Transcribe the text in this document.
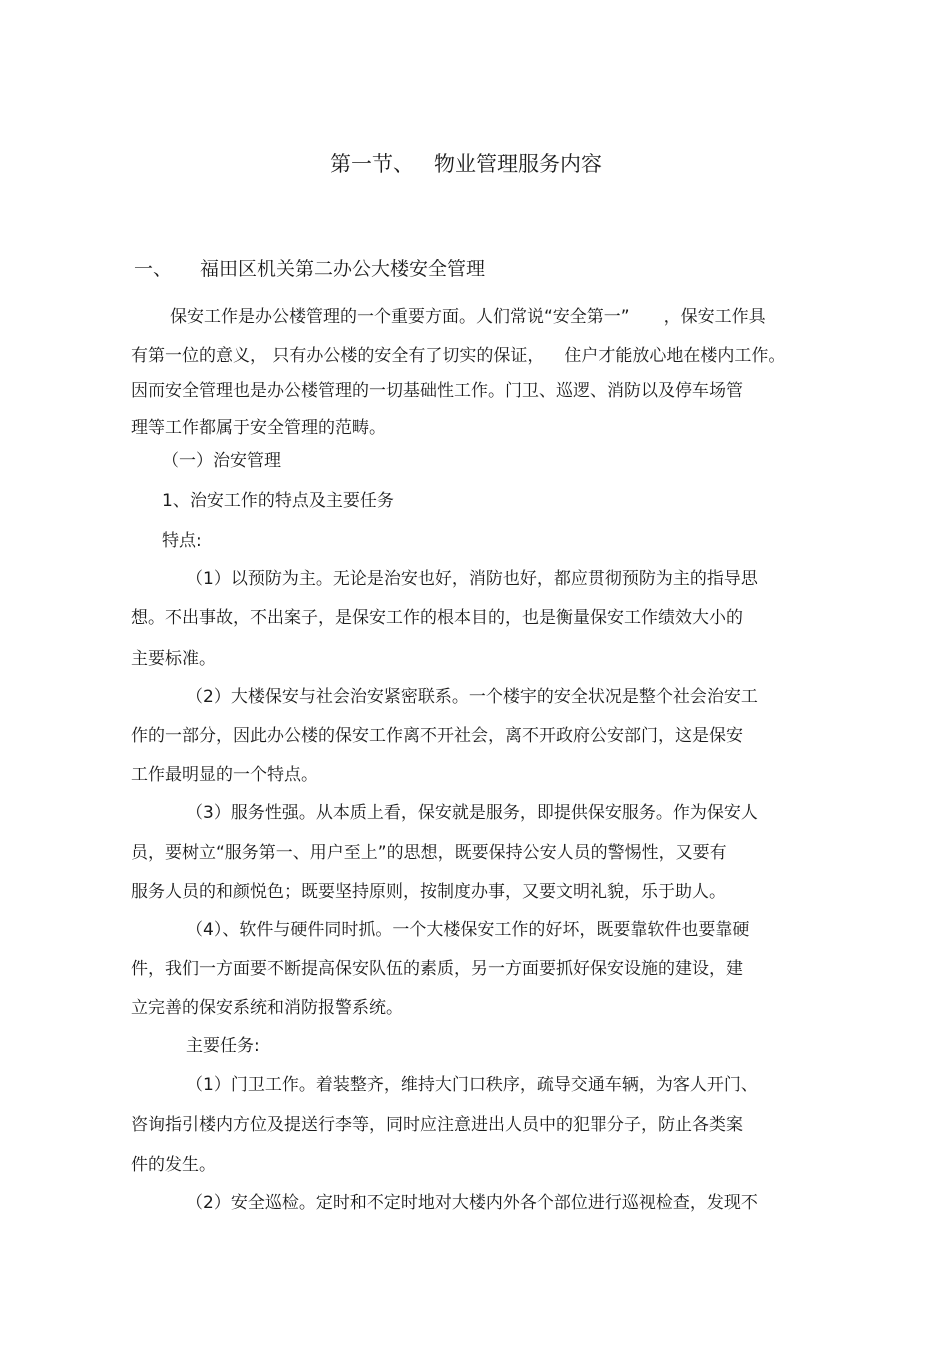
第一节、 物业管理服务内容
一、 福田区机关第二办公大楼安全管理
保安工作是办公楼管理的一个重要方面。人们常说“安全第一” ，保安工作具
有第一位的意义， 只有办公楼的安全有了切实的保证， 住户才能放心地在楼内工作。
因而安全管理也是办公楼管理的一切基础性工作。门卫、巡逻、消防以及停车场管
理等工作都属于安全管理的范畴。
（一）治安管理
1、治安工作的特点及主要任务
特点:
（1）以预防为主。无论是治安也好，消防也好，都应贯彻预防为主的指导思
想。不出事故，不出案子，是保安工作的根本目的，也是衡量保安工作绩效大小的
主要标准。
（2）大楼保安与社会治安紧密联系。一个楼宇的安全状况是整个社会治安工
作的一部分，因此办公楼的保安工作离不开社会，离不开政府公安部门，这是保安
工作最明显的一个特点。
（3）服务性强。从本质上看，保安就是服务，即提供保安服务。作为保安人
员，要树立“服务第一、用户至上”的思想，既要保持公安人员的警惕性，又要有
服务人员的和颜悦色；既要坚持原则，按制度办事，又要文明礼貌，乐于助人。
（4）、软件与硬件同时抓。一个大楼保安工作的好坏，既要靠软件也要靠硬
件，我们一方面要不断提高保安队伍的素质，另一方面要抓好保安设施的建设，建
立完善的保安系统和消防报警系统。
主要任务:
（1）门卫工作。着装整齐，维持大门口秩序，疏导交通车辆，为客人开门、
咨询指引楼内方位及提送行李等，同时应注意进出人员中的犯罪分子，防止各类案
件的发生。
（2）安全巡检。定时和不定时地对大楼内外各个部位进行巡视检查，发现不
